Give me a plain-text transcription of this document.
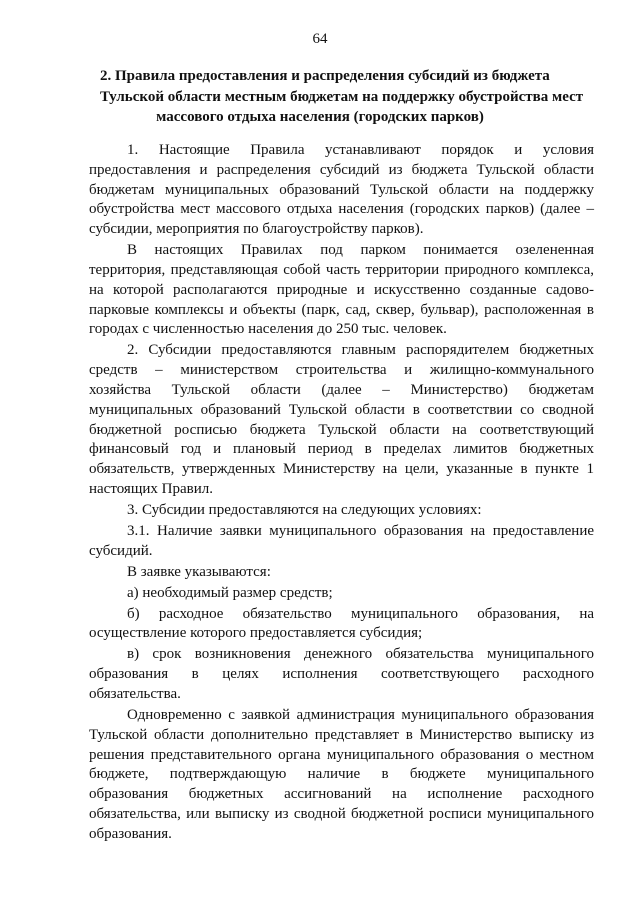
64
2. Правила предоставления и распределения субсидий из бюджета
Тульской области местным бюджетам на поддержку обустройства мест
массового отдыха населения (городских парков)
1. Настоящие Правила устанавливают порядок и условия
предоставления и распределения субсидий из бюджета Тульской области
бюджетам муниципальных образований Тульской области на поддержку
обустройства мест массового отдыха населения (городских парков) (далее –
субсидии, мероприятия по благоустройству парков).
В настоящих Правилах под парком понимается озелененная
территория, представляющая собой часть территории природного комплекса,
на которой располагаются природные и искусственно созданные садово-
парковые комплексы и объекты (парк, сад, сквер, бульвар), расположенная в
городах с численностью населения до 250 тыс. человек.
2. Субсидии предоставляются главным распорядителем бюджетных
средств – министерством строительства и жилищно-коммунального
хозяйства Тульской области (далее – Министерство) бюджетам
муниципальных образований Тульской области в соответствии со сводной
бюджетной росписью бюджета Тульской области на соответствующий
финансовый год и плановый период в пределах лимитов бюджетных
обязательств, утвержденных Министерству на цели, указанные в пункте 1
настоящих Правил.
3. Субсидии предоставляются на следующих условиях:
3.1. Наличие заявки муниципального образования на предоставление
субсидий.
В заявке указываются:
а) необходимый размер средств;
б) расходное обязательство муниципального образования, на
осуществление которого предоставляется субсидия;
в) срок возникновения денежного обязательства муниципального
образования в целях исполнения соответствующего расходного
обязательства.
Одновременно с заявкой администрация муниципального образования
Тульской области дополнительно представляет в Министерство выписку из
решения представительного органа муниципального образования о местном
бюджете, подтверждающую наличие в бюджете муниципального
образования бюджетных ассигнований на исполнение расходного
обязательства, или выписку из сводной бюджетной росписи муниципального
образования.
